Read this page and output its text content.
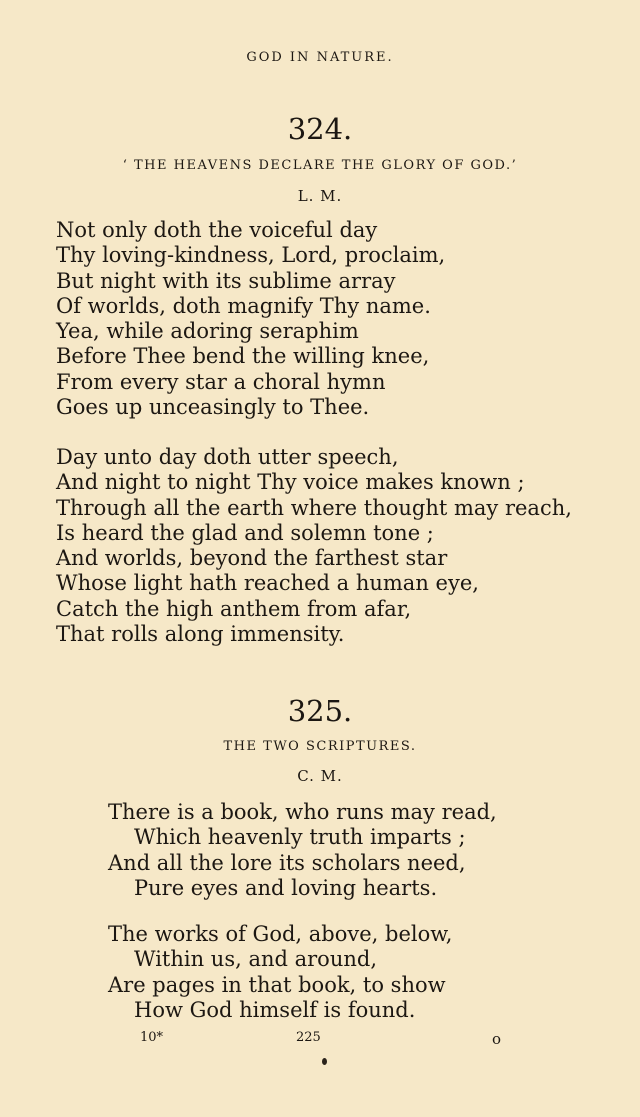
GOD IN NATURE.
324.
‘ THE HEAVENS DECLARE THE GLORY OF GOD.’
L. M.
Not only doth the voiceful day
Thy loving-kindness, Lord, proclaim,
But night with its sublime array
Of worlds, doth magnify Thy name.
Yea, while adoring seraphim
Before Thee bend the willing knee,
From every star a choral hymn
Goes up unceasingly to Thee.
Day unto day doth utter speech,
And night to night Thy voice makes known ;
Through all the earth where thought may reach,
Is heard the glad and solemn tone ;
And worlds, beyond the farthest star
Whose light hath reached a human eye,
Catch the high anthem from afar,
That rolls along immensity.
325.
THE TWO SCRIPTURES.
C. M.
There is a book, who runs may read,
Which heavenly truth imparts ;
And all the lore its scholars need,
Pure eyes and loving hearts.
The works of God, above, below,
Within us, and around,
Are pages in that book, to show
How God himself is found.
10*	225	o
